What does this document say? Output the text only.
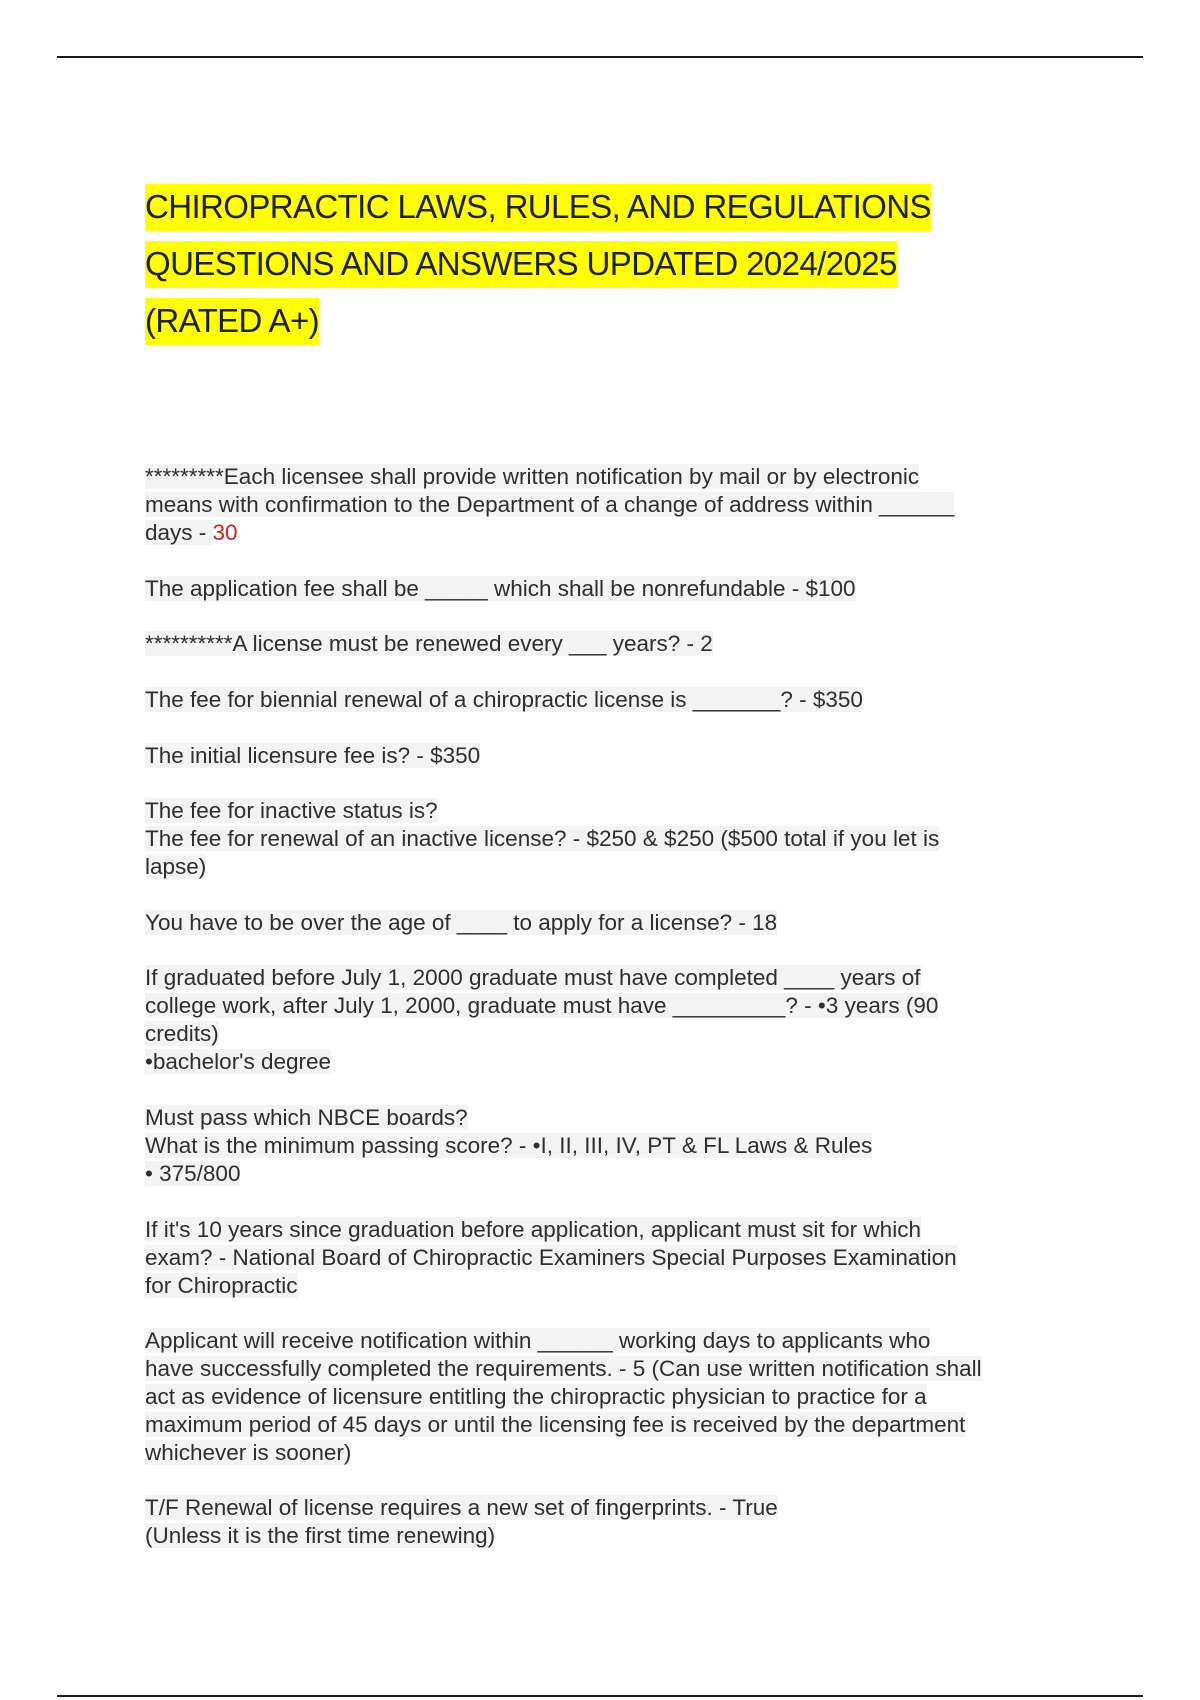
CHIROPRACTIC LAWS, RULES, AND REGULATIONS
QUESTIONS AND ANSWERS UPDATED 2024/2025
(RATED A+)
*********Each licensee shall provide written notification by mail or by electronic
means with confirmation to the Department of a change of address within ______
days - 30
The application fee shall be _____ which shall be nonrefundable - $100
**********A license must be renewed every ___ years? - 2
The fee for biennial renewal of a chiropractic license is _______? - $350
The initial licensure fee is? - $350
The fee for inactive status is?
The fee for renewal of an inactive license? - $250 & $250 ($500 total if you let is
lapse)
You have to be over the age of ____ to apply for a license? - 18
If graduated before July 1, 2000 graduate must have completed ____ years of
college work, after July 1, 2000, graduate must have _________? - •3 years (90
credits)
•bachelor's degree
Must pass which NBCE boards?
What is the minimum passing score? - •I, II, III, IV, PT & FL Laws & Rules
• 375/800
If it's 10 years since graduation before application, applicant must sit for which
exam? - National Board of Chiropractic Examiners Special Purposes Examination
for Chiropractic
Applicant will receive notification within ______ working days to applicants who
have successfully completed the requirements. - 5 (Can use written notification shall
act as evidence of licensure entitling the chiropractic physician to practice for a
maximum period of 45 days or until the licensing fee is received by the department
whichever is sooner)
T/F Renewal of license requires a new set of fingerprints. - True
(Unless it is the first time renewing)
